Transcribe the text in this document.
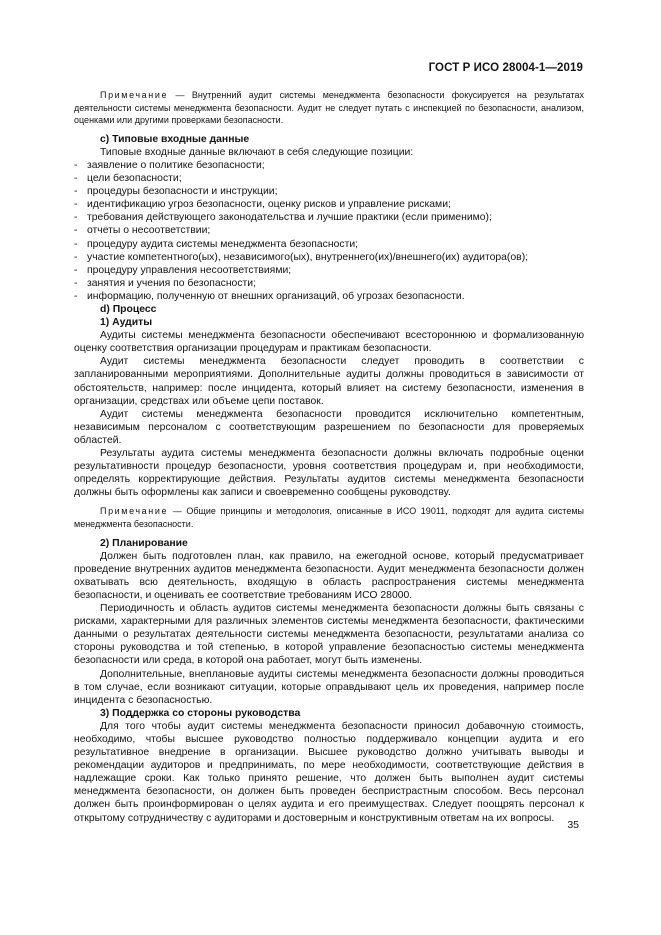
ГОСТ Р ИСО 28004-1—2019
Примечание — Внутренний аудит системы менеджмента безопасности фокусируется на результатах деятельности системы менеджмента безопасности. Аудит не следует путать с инспекцией по безопасности, анализом, оценками или другими проверками безопасности.
c) Типовые входные данные
Типовые входные данные включают в себя следующие позиции:
- заявление о политике безопасности;
- цели безопасности;
- процедуры безопасности и инструкции;
- идентификацию угроз безопасности, оценку рисков и управление рисками;
- требования действующего законодательства и лучшие практики (если применимо);
- отчеты о несоответствии;
- процедуру аудита системы менеджмента безопасности;
- участие компетентного(ых), независимого(ых), внутреннего(их)/внешнего(их) аудитора(ов);
- процедуру управления несоответствиями;
- занятия и учения по безопасности;
- информацию, полученную от внешних организаций, об угрозах безопасности.
d) Процесс
1) Аудиты
Аудиты системы менеджмента безопасности обеспечивают всестороннюю и формализованную оценку соответствия организации процедурам и практикам безопасности.
Аудит системы менеджмента безопасности следует проводить в соответствии с запланированными мероприятиями. Дополнительные аудиты должны проводиться в зависимости от обстоятельств, например: после инцидента, который влияет на систему безопасности, изменения в организации, средствах или объеме цепи поставок.
Аудит системы менеджмента безопасности проводится исключительно компетентным, независимым персоналом с соответствующим разрешением по безопасности для проверяемых областей.
Результаты аудита системы менеджмента безопасности должны включать подробные оценки результативности процедур безопасности, уровня соответствия процедурам и, при необходимости, определять корректирующие действия. Результаты аудитов системы менеджмента безопасности должны быть оформлены как записи и своевременно сообщены руководству.
Примечание — Общие принципы и методология, описанные в ИСО 19011, подходят для аудита системы менеджмента безопасности.
2) Планирование
Должен быть подготовлен план, как правило, на ежегодной основе, который предусматривает проведение внутренних аудитов менеджмента безопасности. Аудит менеджмента безопасности должен охватывать всю деятельность, входящую в область распространения системы менеджмента безопасности, и оценивать ее соответствие требованиям ИСО 28000.
Периодичность и область аудитов системы менеджмента безопасности должны быть связаны с рисками, характерными для различных элементов системы менеджмента безопасности, фактическими данными о результатах деятельности системы менеджмента безопасности, результатами анализа со стороны руководства и той степенью, в которой управление безопасностью системы менеджмента безопасности или среда, в которой она работает, могут быть изменены.
Дополнительные, внеплановые аудиты системы менеджмента безопасности должны проводиться в том случае, если возникают ситуации, которые оправдывают цель их проведения, например после инцидента с безопасностью.
3) Поддержка со стороны руководства
Для того чтобы аудит системы менеджмента безопасности приносил добавочную стоимость, необходимо, чтобы высшее руководство полностью поддерживало концепции аудита и его результативное внедрение в организации. Высшее руководство должно учитывать выводы и рекомендации аудиторов и предпринимать, по мере необходимости, соответствующие действия в надлежащие сроки. Как только принято решение, что должен быть выполнен аудит системы менеджмента безопасности, он должен быть проведен беспристрастным способом. Весь персонал должен быть проинформирован о целях аудита и его преимуществах. Следует поощрять персонал к открытому сотрудничеству с аудиторами и достоверным и конструктивным ответам на их вопросы.
35
